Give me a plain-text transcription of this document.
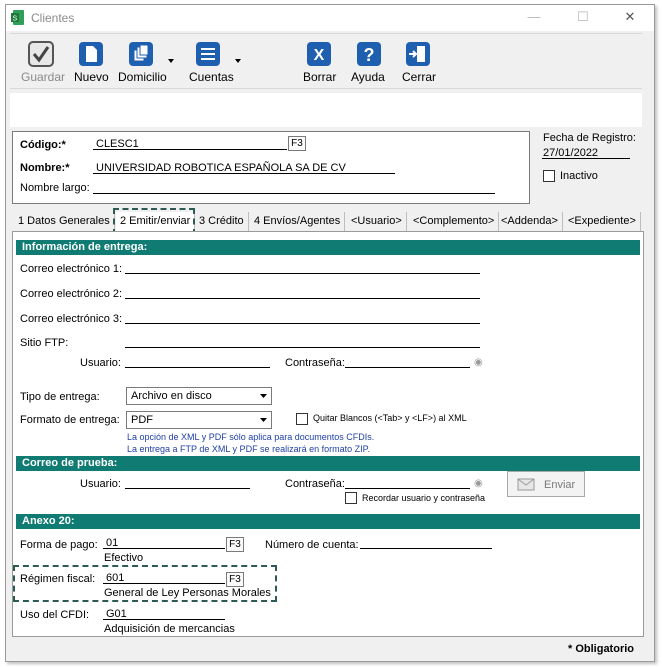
S Clientes	—	☐	✕
Guardar Nuevo Domicilio Cuentas
X
Borrar
?
Ayuda Cerrar
Código:*	CLESC1	F3
Nombre:* UNIVERSIDAD ROBOTICA ESPAÑOLA SA DE CV
Nombre largo:
Fecha de Registro:
27/01/2022
Inactivo
1 Datos Generales 2 Emitir/enviar 3 Crédito 4 Envíos/Agentes <Usuario>	<Complemento> <Addenda> <Expediente>
Información de entrega:
Correo electrónico 1:
Correo electrónico 2:
Correo electrónico 3:
Sitio FTP:
Usuario:	Contraseña:	◉
Tipo de entrega:	Archivo en disco
Formato de entrega:	PDF	Quitar Blancos (<Tab> y <LF>) al XML
La opción de XML y PDF sólo aplica para documentos CFDIs.
La entrega a FTP de XML y PDF se realizará en formato ZIP.
Correo de prueba:
Usuario:	Contraseña:	◉
Recordar usuario y contraseña
Enviar
Anexo 20:
Forma de pago: 01	F3
Efectivo
Número de cuenta:
Régimen fiscal: 601	F3
General de Ley Personas Morales
Uso del CFDI: G01
Adquisición de mercancias
* Obligatorio
